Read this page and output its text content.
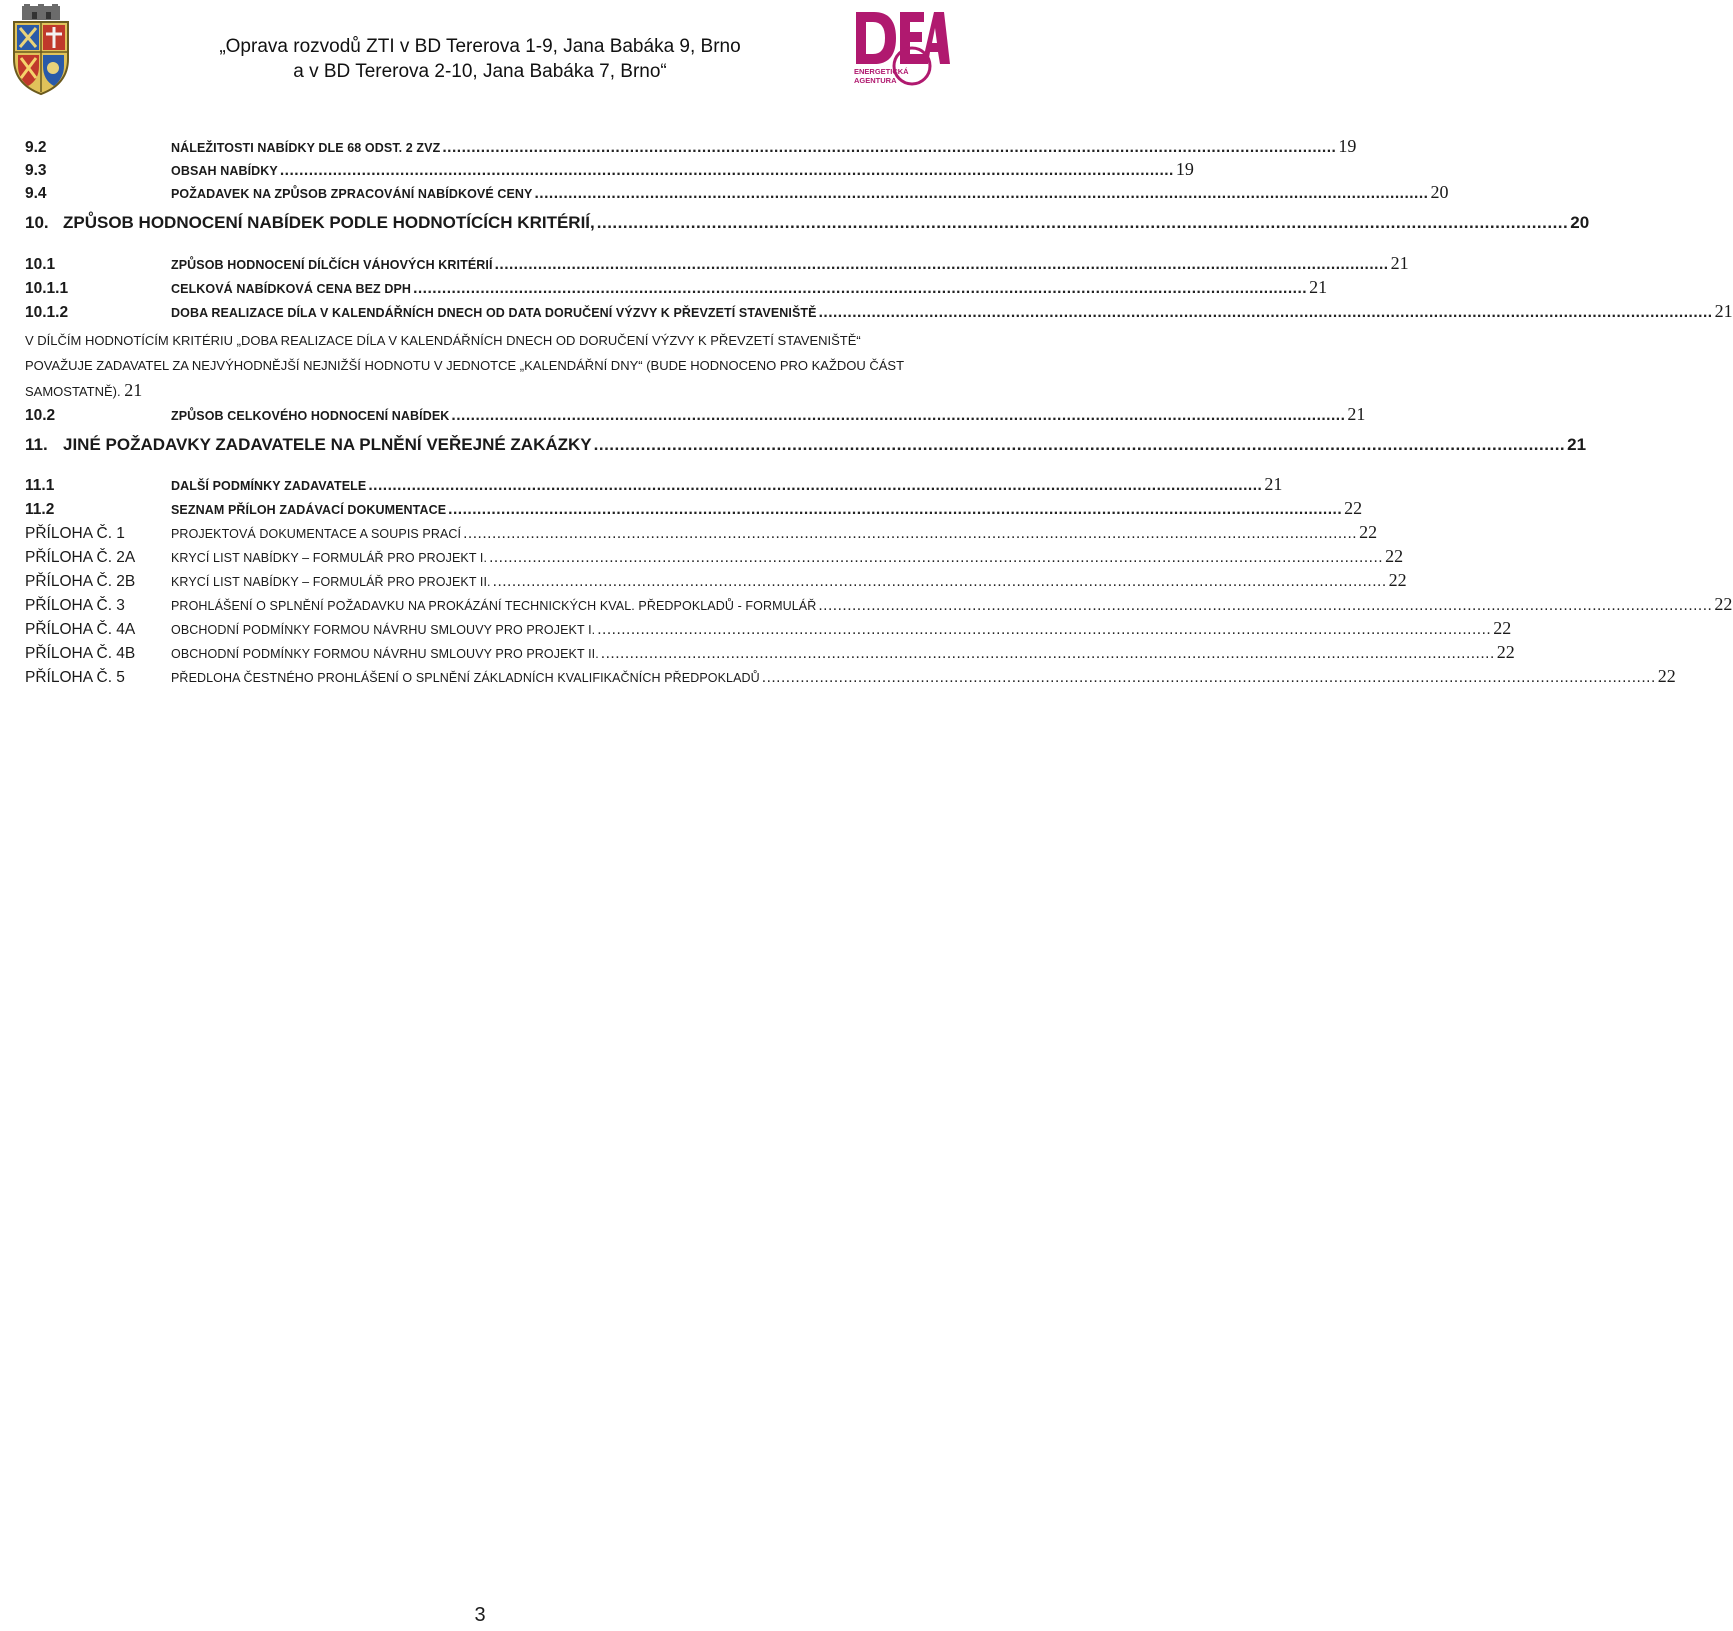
„Oprava rozvodů ZTI v BD Tererova 1-9, Jana Babáka 9, Brno
a v BD Tererova 2-10, Jana Babáka 7, Brno“	ENERGETICKÁ
AGENTURA
9.2	NÁLEŽITOSTI NABÍDKY DLE 68 ODST. 2 ZVZ .......................................................................................................................................................................................... 19
9.3	OBSAH NABÍDKY .......................................................................................................................................................................................... 19
9.4	POŽADAVEK NA ZPŮSOB ZPRACOVÁNÍ NABÍDKOVÉ CENY .......................................................................................................................................................................................... 20
10. ZPŮSOB HODNOCENÍ NABÍDEK PODLE HODNOTÍCÍCH KRITÉRIÍ, .......................................................................................................................................................................................... 20
10.1	ZPŮSOB HODNOCENÍ DÍLČÍCH VÁHOVÝCH KRITÉRIÍ .......................................................................................................................................................................................... 21
10.1.1	CELKOVÁ NABÍDKOVÁ CENA BEZ DPH .......................................................................................................................................................................................... 21
10.1.2	DOBA REALIZACE DÍLA V KALENDÁŘNÍCH DNECH OD DATA DORUČENÍ VÝZVY K PŘEVZETÍ STAVENIŠTĚ .......................................................................................................................................................................................... 21
10.2	ZPŮSOB CELKOVÉHO HODNOCENÍ NABÍDEK .......................................................................................................................................................................................... 21
11. JINÉ POŽADAVKY ZADAVATELE NA PLNĚNÍ VEŘEJNÉ ZAKÁZKY .......................................................................................................................................................................................... 21
11.1	DALŠÍ PODMÍNKY ZADAVATELE .......................................................................................................................................................................................... 21
11.2	SEZNAM PŘÍLOH ZADÁVACÍ DOKUMENTACE .......................................................................................................................................................................................... 22
PŘÍLOHA Č. 1	PROJEKTOVÁ DOKUMENTACE A SOUPIS PRACÍ .......................................................................................................................................................................................... 22
PŘÍLOHA Č. 2A	KRYCÍ LIST NABÍDKY – FORMULÁŘ PRO PROJEKT I. .......................................................................................................................................................................................... 22
PŘÍLOHA Č. 2B	KRYCÍ LIST NABÍDKY – FORMULÁŘ PRO PROJEKT II. .......................................................................................................................................................................................... 22
PŘÍLOHA Č. 3	PROHLÁŠENÍ O SPLNĚNÍ POŽADAVKU NA PROKÁZÁNÍ TECHNICKÝCH KVAL. PŘEDPOKLADŮ - FORMULÁŘ .......................................................................................................................................................................................... 22
PŘÍLOHA Č. 4A	OBCHODNÍ PODMÍNKY FORMOU NÁVRHU SMLOUVY PRO PROJEKT I. .......................................................................................................................................................................................... 22
PŘÍLOHA Č. 4B	OBCHODNÍ PODMÍNKY FORMOU NÁVRHU SMLOUVY PRO PROJEKT II. .......................................................................................................................................................................................... 22
PŘÍLOHA Č. 5	PŘEDLOHA ČESTNÉHO PROHLÁŠENÍ O SPLNĚNÍ ZÁKLADNÍCH KVALIFIKAČNÍCH PŘEDPOKLADŮ .......................................................................................................................................................................................... 22
V DÍLČÍM HODNOTÍCÍM KRITÉRIU „DOBA REALIZACE DÍLA V KALENDÁŘNÍCH DNECH OD DORUČENÍ VÝZVY K PŘEVZETÍ STAVENIŠTĚ“ POVAŽUJE ZADAVATEL ZA NEJVÝHODNĚJŠÍ NEJNIŽŠÍ HODNOTU V JEDNOTCE „KALENDÁŘNÍ DNY“ (BUDE HODNOCENO PRO KAŽDOU ČÁST SAMOSTATNĚ). 21
3
